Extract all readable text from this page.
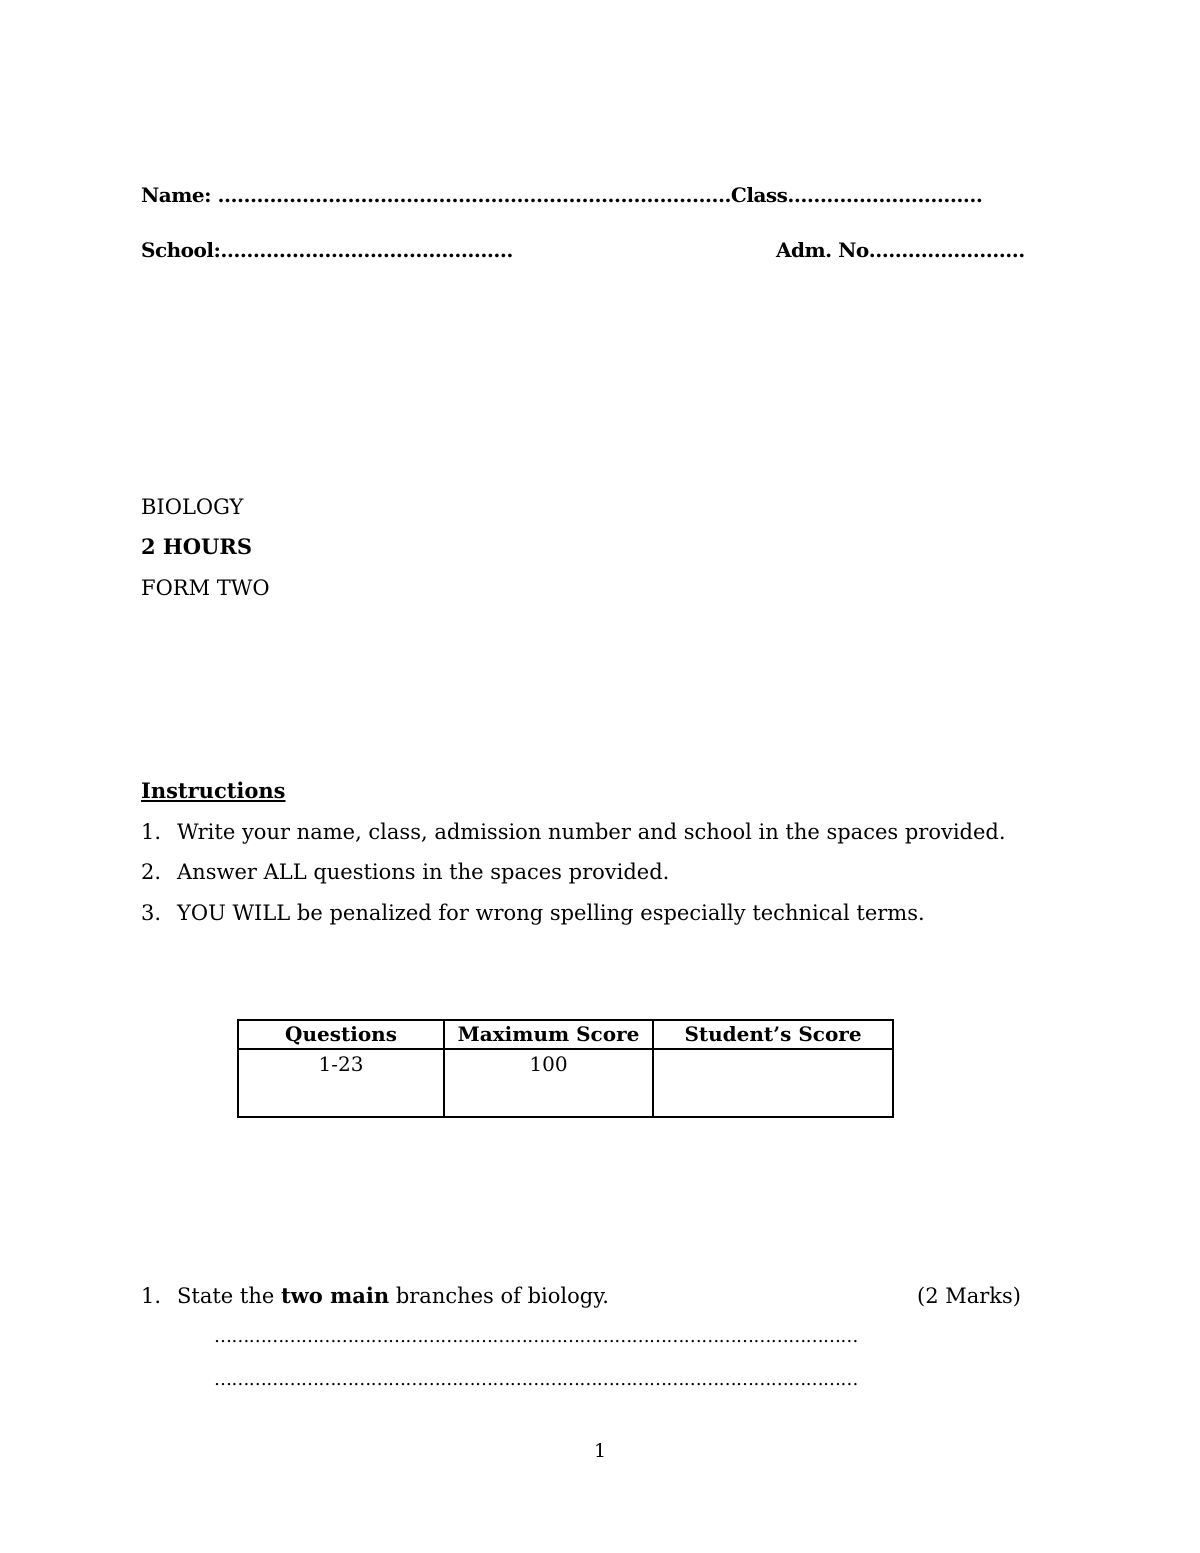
Name: …………………………………………………………………….Class…………………………
School:………………………………………	Adm. No……………………
BIOLOGY
2 HOURS
FORM TWO
Instructions
1. Write your name, class, admission number and school in the spaces provided.
2. Answer ALL questions in the spaces provided.
3. YOU WILL be penalized for wrong spelling especially technical terms.
Questions	Maximum Score	Student’s Score
1-23	100	
1. State the two main branches of biology.	(2 Marks)
…………………………………………………………………………………………………
…………………………………………………………………………………………………
1
